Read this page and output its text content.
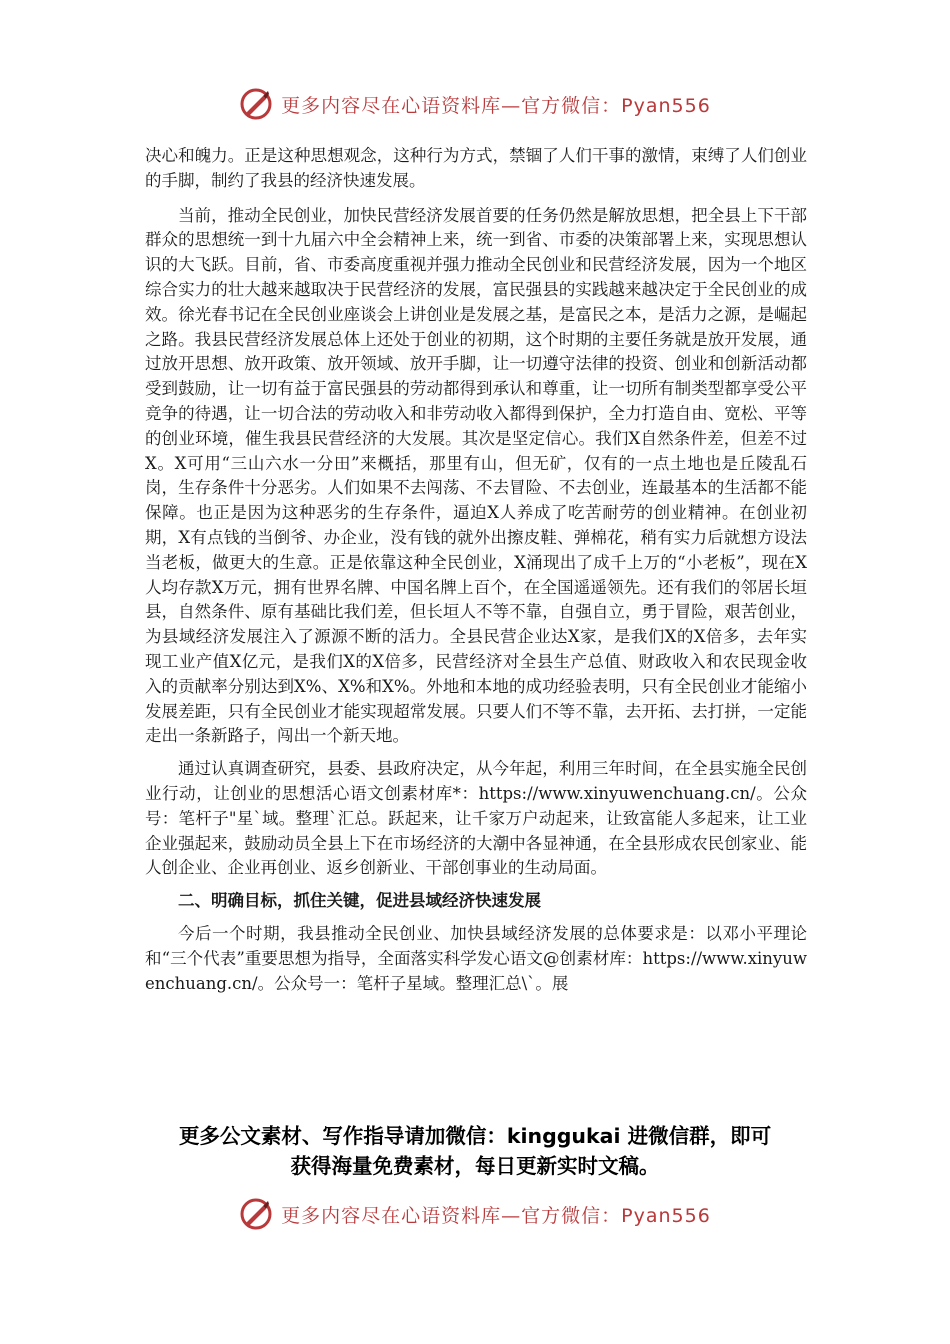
更多内容尽在心语资料库—官方微信：Pyan556

决心和魄力。正是这种思想观念，这种行为方式，禁锢了人们干事的激情，束缚了人们创业的手脚，制约了我县的经济快速发展。

当前，推动全民创业，加快民营经济发展首要的任务仍然是解放思想，把全县上下干部群众的思想统一到十九届六中全会精神上来，统一到省、市委的决策部署上来，实现思想认识的大飞跃。目前，省、市委高度重视并强力推动全民创业和民营经济发展，因为一个地区综合实力的壮大越来越取决于民营经济的发展，富民强县的实践越来越决定于全民创业的成效。徐光春书记在全民创业座谈会上讲创业是发展之基，是富民之本，是活力之源，是崛起之路。我县民营经济发展总体上还处于创业的初期，这个时期的主要任务就是放开发展，通过放开思想、放开政策、放开领域、放开手脚，让一切遵守法律的投资、创业和创新活动都受到鼓励，让一切有益于富民强县的劳动都得到承认和尊重，让一切所有制类型都享受公平竞争的待遇，让一切合法的劳动收入和非劳动收入都得到保护，全力打造自由、宽松、平等的创业环境，催生我县民营经济的大发展。其次是坚定信心。我们X自然条件差，但差不过X。X可用“三山六水一分田”来概括，那里有山，但无矿，仅有的一点土地也是丘陵乱石岗，生存条件十分恶劣。人们如果不去闯荡、不去冒险、不去创业，连最基本的生活都不能保障。也正是因为这种恶劣的生存条件，逼迫X人养成了吃苦耐劳的创业精神。在创业初期，X有点钱的当倒爷、办企业，没有钱的就外出擦皮鞋、弹棉花，稍有实力后就想方设法当老板，做更大的生意。正是依靠这种全民创业，X涌现出了成千上万的“小老板”，现在X人均存款X万元，拥有世界名牌、中国名牌上百个，在全国遥遥领先。还有我们的邻居长垣县，自然条件、原有基础比我们差，但长垣人不等不靠，自强自立，勇于冒险，艰苦创业，为县域经济发展注入了源源不断的活力。全县民营企业达X家，是我们X的X倍多，去年实现工业产值X亿元，是我们X的X倍多，民营经济对全县生产总值、财政收入和农民现金收入的贡献率分别达到X%、X%和X%。外地和本地的成功经验表明，只有全民创业才能缩小发展差距，只有全民创业才能实现超常发展。只要人们不等不靠，去开拓、去打拼，一定能走出一条新路子，闯出一个新天地。

通过认真调查研究，县委、县政府决定，从今年起，利用三年时间，在全县实施全民创业行动，让创业的思想活心语文创素材库*：https://www.xinyuwenchuang.cn/。公众号：笔杆子"星`域。整理`汇总。跃起来，让千家万户动起来，让致富能人多起来，让工业企业强起来，鼓励动员全县上下在市场经济的大潮中各显神通，在全县形成农民创家业、能人创企业、企业再创业、返乡创新业、干部创事业的生动局面。

二、明确目标，抓住关键，促进县域经济快速发展

今后一个时期，我县推动全民创业、加快县域经济发展的总体要求是：以邓小平理论和“三个代表”重要思想为指导，全面落实科学发心语文@创素材库：https://www.xinyuwenchuang.cn/。公众号一：笔杆子星域。整理汇总\`。展

更多公文素材、写作指导请加微信：kinggukai 进微信群，即可
获得海量免费素材，每日更新实时文稿。
更多内容尽在心语资料库—官方微信：Pyan556
